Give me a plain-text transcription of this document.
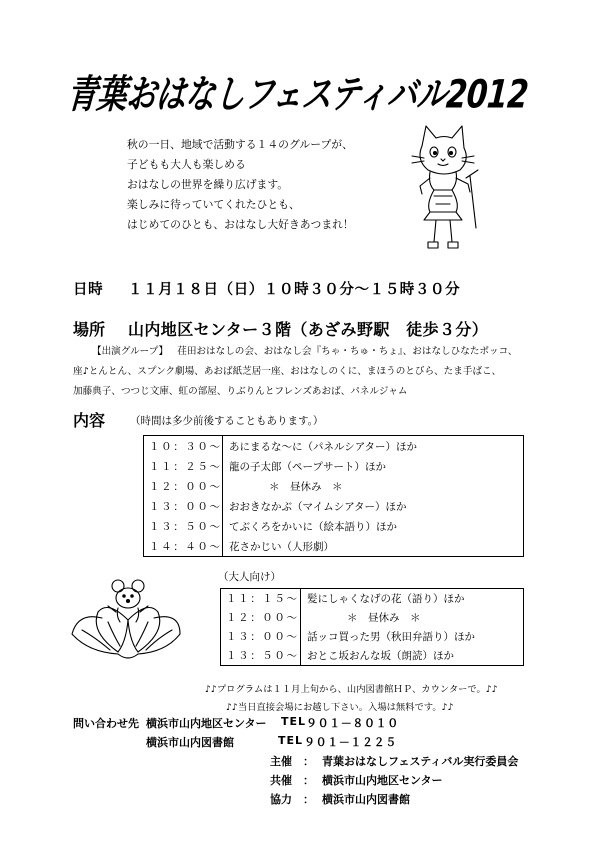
青葉おはなしフェスティバル2012
秋の一日、地域で活動する１４のグループが、
子どもも大人も楽しめる
おはなしの世界を繰り広げます。
楽しみに待っていてくれたひとも、
はじめてのひとも、おはなし大好きあつまれ！
日時 １１月１８日（日）１０時３０分～１５時３０分
場所 山内地区センター３階（あざみ野駅　徒歩３分）
【出演グループ】 荏田おはなしの会、おはなし会『ちゃ・ちゅ・ちょ』、おはなしひなたボッコ、
座♪とんとん、スプンク劇場、あおば紙芝居一座、おはなしのくに、まほうのとびら、たま手ばこ、
加藤典子、つつじ文庫、虹の部屋、りぶりんとフレンズあおば、パネルジャム
内容 （時間は多少前後することもあります。）
１０：３０～	あにまるな～に（パネルシアター）ほか
１１：２５～	龍の子太郎（ペープサート）ほか
１２：００～	＊　昼休み　＊
１３：００～	おおきなかぶ（マイムシアター）ほか
１３：５０～	てぶくろをかいに（絵本語り）ほか
１４：４０～	花さかじい（人形劇）
（大人向け）
１１：１５～	髪にしゃくなげの花（語り）ほか
１２：００～	＊　昼休み　＊
１３：００～	話ッコ買った男（秋田弁語り）ほか
１３：５０～	おとこ坂おんな坂（朗読）ほか
♪♪プログラムは１１月上旬から、山内図書館ＨＰ、カウンターで。♪♪
♪♪当日直接会場にお越し下さい。入場は無料です。♪♪
問い合わせ先 横浜市山内地区センター TEL ９０１－８０１０
横浜市山内図書館	TEL ９０１－１２２５
主催 ： 青葉おはなしフェスティバル実行委員会
共催 ： 横浜市山内地区センター
協力 ： 横浜市山内図書館
